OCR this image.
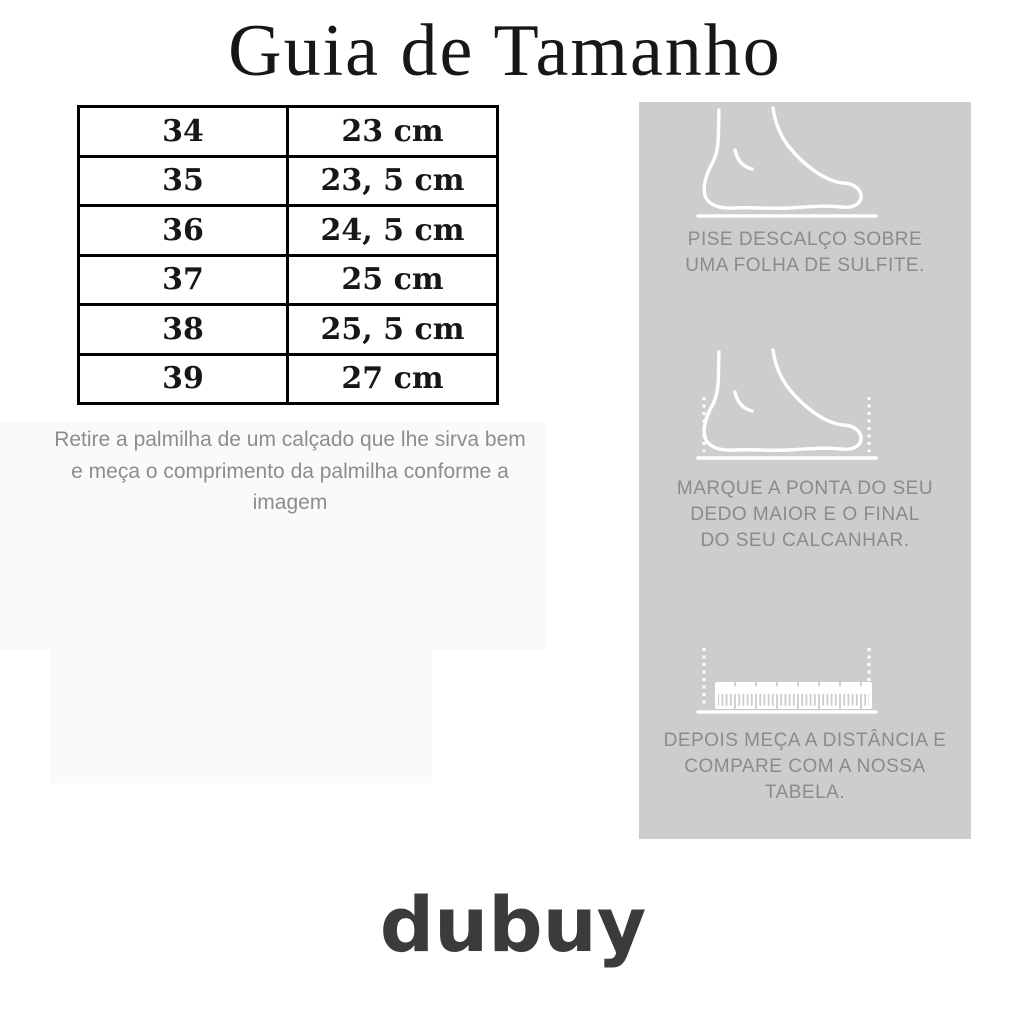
Guia de Tamanho
34	23 cm
35	23, 5 cm
36	24, 5 cm
37	25 cm
38	25, 5 cm
39	27 cm
Retire a palmilha de um calçado que lhe sirva bem
e meça o comprimento da palmilha conforme a
imagem
PISE DESCALÇO SOBRE
UMA FOLHA DE SULFITE.
MARQUE A PONTA DO SEU
DEDO MAIOR E O FINAL
DO SEU CALCANHAR.
DEPOIS MEÇA A DISTÂNCIA E
COMPARE COM A NOSSA
TABELA.
dubuy
